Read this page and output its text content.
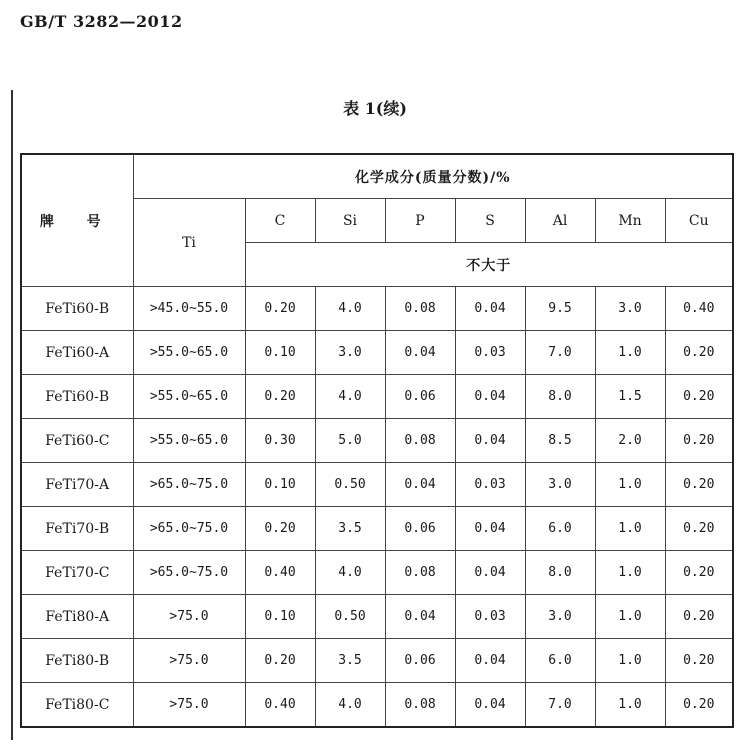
GB/T 3282—2012
表 1(续)
牌 号	化学成分(质量分数)/%							
	Ti	C	Si	P	S	Al	Mn	Cu
		不大于						
FeTi60-B	>45.0~55.0	0.20	4.0	0.08	0.04	9.5	3.0	0.40
FeTi60-A	>55.0~65.0	0.10	3.0	0.04	0.03	7.0	1.0	0.20
FeTi60-B	>55.0~65.0	0.20	4.0	0.06	0.04	8.0	1.5	0.20
FeTi60-C	>55.0~65.0	0.30	5.0	0.08	0.04	8.5	2.0	0.20
FeTi70-A	>65.0~75.0	0.10	0.50	0.04	0.03	3.0	1.0	0.20
FeTi70-B	>65.0~75.0	0.20	3.5	0.06	0.04	6.0	1.0	0.20
FeTi70-C	>65.0~75.0	0.40	4.0	0.08	0.04	8.0	1.0	0.20
FeTi80-A	>75.0	0.10	0.50	0.04	0.03	3.0	1.0	0.20
FeTi80-B	>75.0	0.20	3.5	0.06	0.04	6.0	1.0	0.20
FeTi80-C	>75.0	0.40	4.0	0.08	0.04	7.0	1.0	0.20
